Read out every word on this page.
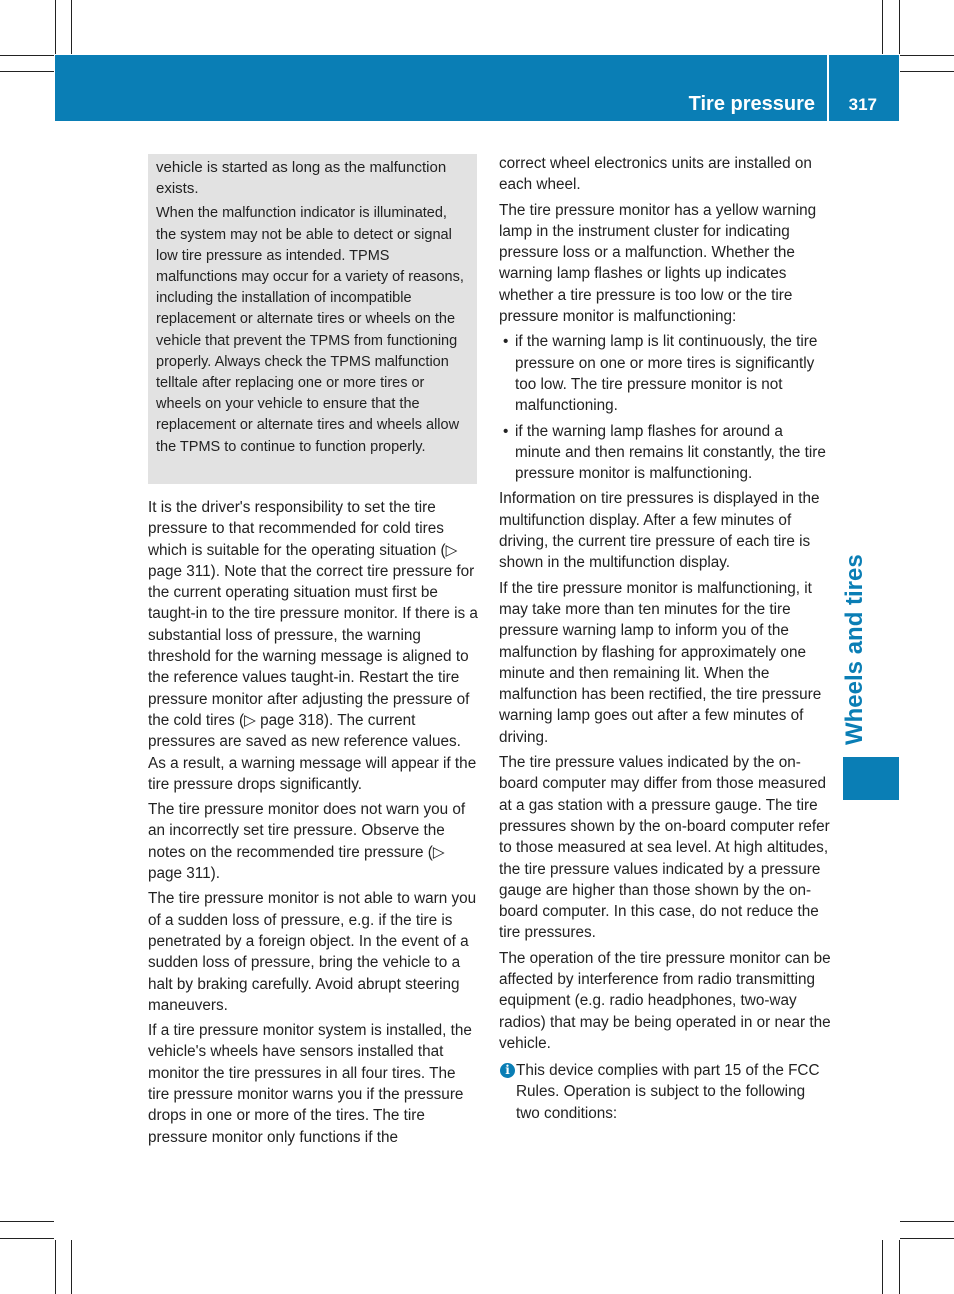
Tire pressure 317
Wheels and tires

vehicle is started as long as the malfunction exists.

When the malfunction indicator is illuminated, the system may not be able to detect or signal low tire pressure as intended. TPMS malfunctions may occur for a variety of reasons, including the installation of incompatible replacement or alternate tires or wheels on the vehicle that prevent the TPMS from functioning properly. Always check the TPMS malfunction telltale after replacing one or more tires or wheels on your vehicle to ensure that the replacement or alternate tires and wheels allow the TPMS to continue to function properly.

It is the driver's responsibility to set the tire pressure to that recommended for cold tires which is suitable for the operating situation (▷ page 311). Note that the correct tire pressure for the current operating situation must first be taught-in to the tire pressure monitor. If there is a substantial loss of pressure, the warning threshold for the warning message is aligned to the reference values taught-in. Restart the tire pressure monitor after adjusting the pressure of the cold tires (▷ page 318). The current pressures are saved as new reference values. As a result, a warning message will appear if the tire pressure drops significantly.

The tire pressure monitor does not warn you of an incorrectly set tire pressure. Observe the notes on the recommended tire pressure (▷ page 311).

The tire pressure monitor is not able to warn you of a sudden loss of pressure, e.g. if the tire is penetrated by a foreign object. In the event of a sudden loss of pressure, bring the vehicle to a halt by braking carefully. Avoid abrupt steering maneuvers.

If a tire pressure monitor system is installed, the vehicle's wheels have sensors installed that monitor the tire pressures in all four tires. The tire pressure monitor warns you if the pressure drops in one or more of the tires. The tire pressure monitor only functions if the

correct wheel electronics units are installed on each wheel.

The tire pressure monitor has a yellow warning lamp in the instrument cluster for indicating pressure loss or a malfunction. Whether the warning lamp flashes or lights up indicates whether a tire pressure is too low or the tire pressure monitor is malfunctioning:

• if the warning lamp is lit continuously, the tire pressure on one or more tires is significantly too low. The tire pressure monitor is not malfunctioning.
• if the warning lamp flashes for around a minute and then remains lit constantly, the tire pressure monitor is malfunctioning.

Information on tire pressures is displayed in the multifunction display. After a few minutes of driving, the current tire pressure of each tire is shown in the multifunction display.

If the tire pressure monitor is malfunctioning, it may take more than ten minutes for the tire pressure warning lamp to inform you of the malfunction by flashing for approximately one minute and then remaining lit. When the malfunction has been rectified, the tire pressure warning lamp goes out after a few minutes of driving.

The tire pressure values indicated by the on-board computer may differ from those measured at a gas station with a pressure gauge. The tire pressures shown by the on-board computer refer to those measured at sea level. At high altitudes, the tire pressure values indicated by a pressure gauge are higher than those shown by the on-board computer. In this case, do not reduce the tire pressures.

The operation of the tire pressure monitor can be affected by interference from radio transmitting equipment (e.g. radio headphones, two-way radios) that may be being operated in or near the vehicle.

i This device complies with part 15 of the FCC Rules. Operation is subject to the following two conditions:
